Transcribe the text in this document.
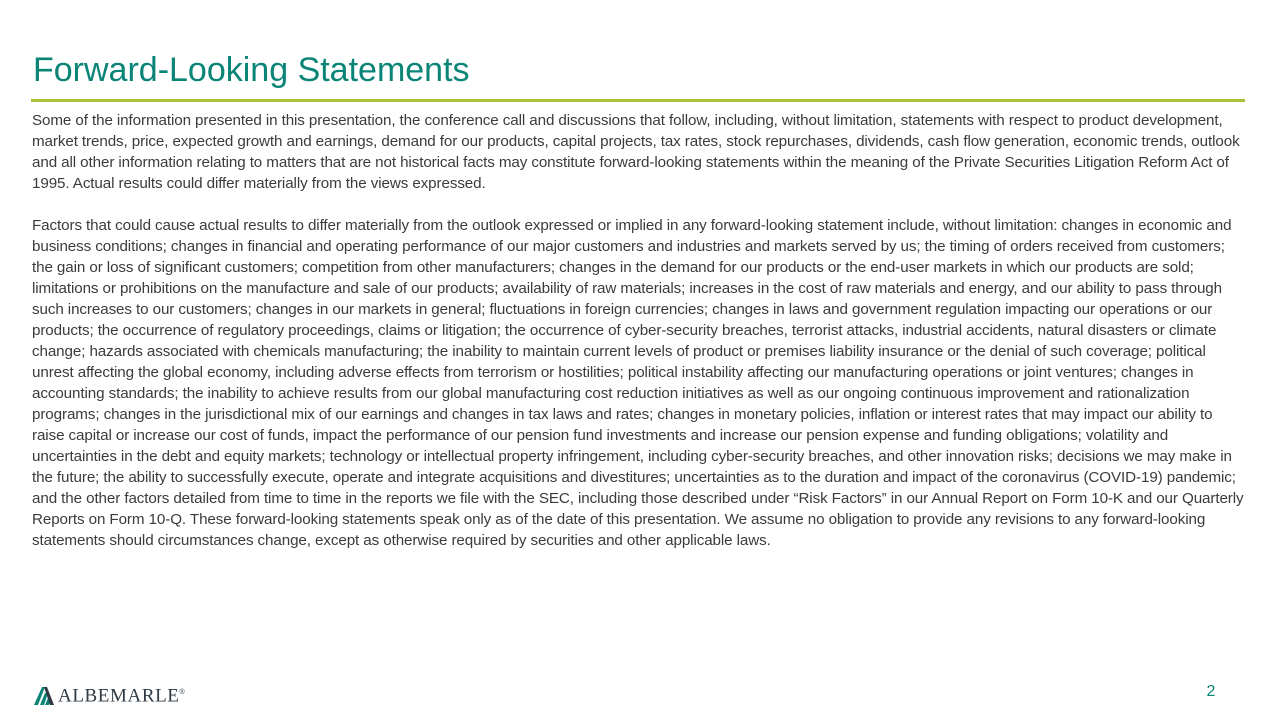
Forward-Looking Statements

Some of the information presented in this presentation, the conference call and discussions that follow, including, without limitation, statements with respect to product development, market trends, price, expected growth and earnings, demand for our products, capital projects, tax rates, stock repurchases, dividends, cash flow generation, economic trends, outlook and all other information relating to matters that are not historical facts may constitute forward-looking statements within the meaning of the Private Securities Litigation Reform Act of 1995. Actual results could differ materially from the views expressed.

Factors that could cause actual results to differ materially from the outlook expressed or implied in any forward-looking statement include, without limitation: changes in economic and business conditions; changes in financial and operating performance of our major customers and industries and markets served by us; the timing of orders received from customers; the gain or loss of significant customers; competition from other manufacturers; changes in the demand for our products or the end-user markets in which our products are sold; limitations or prohibitions on the manufacture and sale of our products; availability of raw materials; increases in the cost of raw materials and energy, and our ability to pass through such increases to our customers; changes in our markets in general; fluctuations in foreign currencies; changes in laws and government regulation impacting our operations or our products; the occurrence of regulatory proceedings, claims or litigation; the occurrence of cyber-security breaches, terrorist attacks, industrial accidents, natural disasters or climate change; hazards associated with chemicals manufacturing; the inability to maintain current levels of product or premises liability insurance or the denial of such coverage; political unrest affecting the global economy, including adverse effects from terrorism or hostilities; political instability affecting our manufacturing operations or joint ventures; changes in accounting standards; the inability to achieve results from our global manufacturing cost reduction initiatives as well as our ongoing continuous improvement and rationalization programs; changes in the jurisdictional mix of our earnings and changes in tax laws and rates; changes in monetary policies, inflation or interest rates that may impact our ability to raise capital or increase our cost of funds, impact the performance of our pension fund investments and increase our pension expense and funding obligations; volatility and uncertainties in the debt and equity markets; technology or intellectual property infringement, including cyber-security breaches, and other innovation risks; decisions we may make in the future; the ability to successfully execute, operate and integrate acquisitions and divestitures; uncertainties as to the duration and impact of the coronavirus (COVID-19) pandemic; and the other factors detailed from time to time in the reports we file with the SEC, including those described under “Risk Factors” in our Annual Report on Form 10-K and our Quarterly Reports on Form 10-Q. These forward-looking statements speak only as of the date of this presentation. We assume no obligation to provide any revisions to any forward-looking statements should circumstances change, except as otherwise required by securities and other applicable laws.

ALBEMARLE®	2
